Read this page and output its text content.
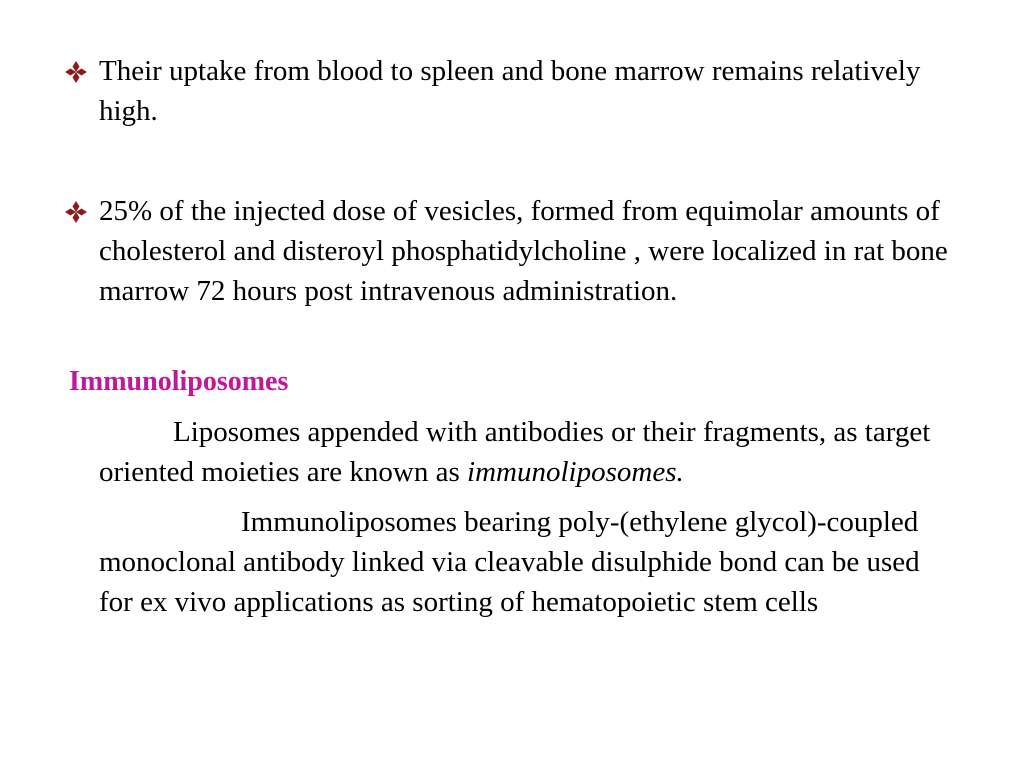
Their uptake from blood to spleen and bone marrow remains relatively high.
25% of the injected dose of vesicles, formed from equimolar amounts of cholesterol and disteroyl phosphatidylcholine , were localized in rat bone marrow 72 hours post intravenous administration.
Immunoliposomes
Liposomes appended with antibodies or their fragments, as target oriented moieties are known as immunoliposomes.
Immunoliposomes bearing poly-(ethylene glycol)-coupled monoclonal antibody linked via cleavable disulphide bond can be used for ex vivo applications as sorting of hematopoietic stem cells
